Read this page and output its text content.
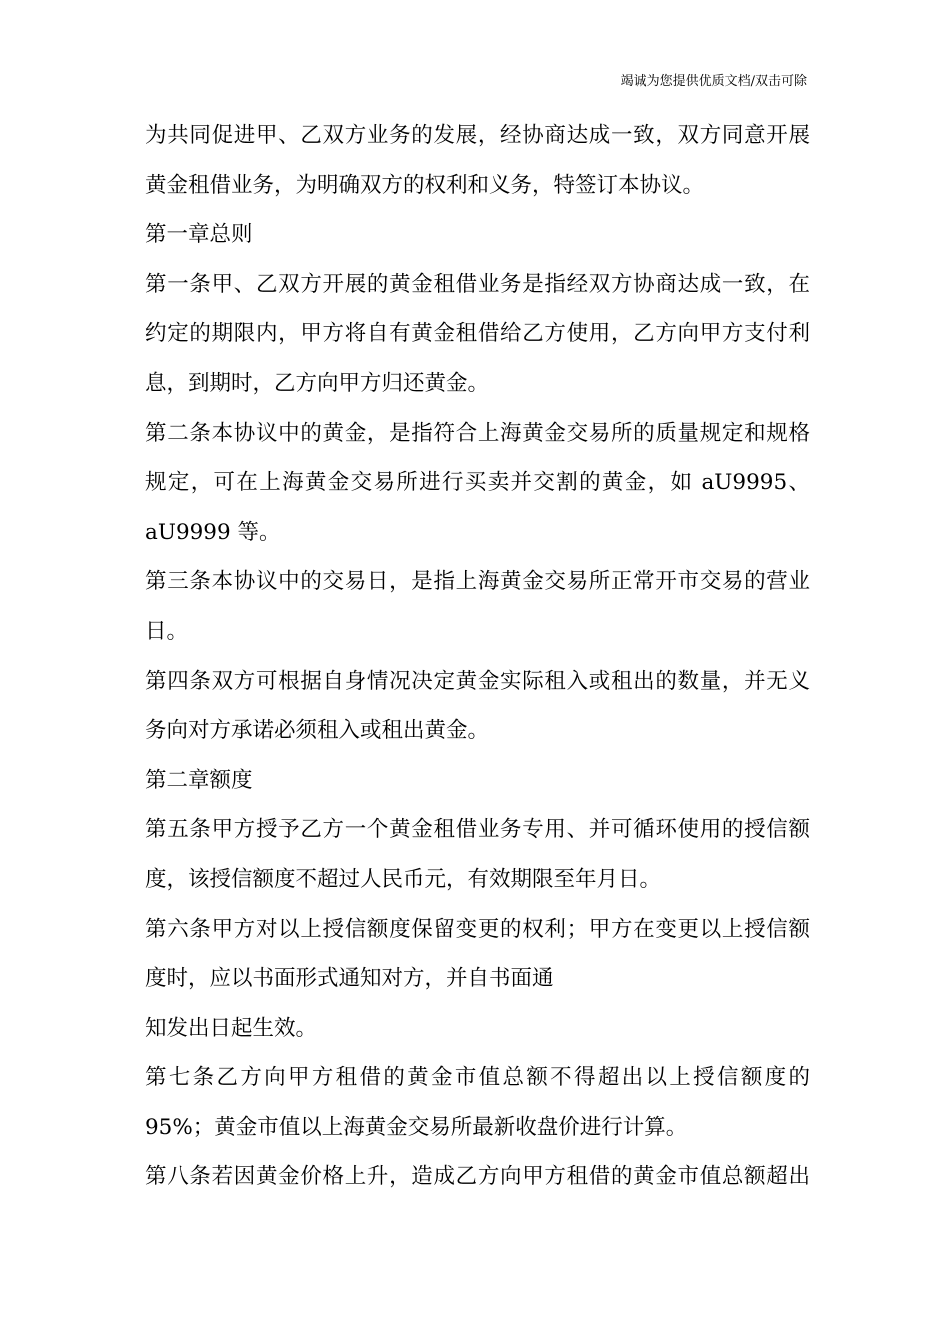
竭诚为您提供优质文档/双击可除
为共同促进甲、乙双方业务的发展，经协商达成一致，双方同意开展
黄金租借业务，为明确双方的权利和义务，特签订本协议。
第一章总则
第一条甲、乙双方开展的黄金租借业务是指经双方协商达成一致，在
约定的期限内，甲方将自有黄金租借给乙方使用，乙方向甲方支付利
息，到期时，乙方向甲方归还黄金。
第二条本协议中的黄金，是指符合上海黄金交易所的质量规定和规格
规定，可在上海黄金交易所进行买卖并交割的黄金，如 aU9995、
aU9999 等。
第三条本协议中的交易日，是指上海黄金交易所正常开市交易的营业
日。
第四条双方可根据自身情况决定黄金实际租入或租出的数量，并无义
务向对方承诺必须租入或租出黄金。
第二章额度
第五条甲方授予乙方一个黄金租借业务专用、并可循环使用的授信额
度，该授信额度不超过人民币元，有效期限至年月日。
第六条甲方对以上授信额度保留变更的权利；甲方在变更以上授信额
度时，应以书面形式通知对方，并自书面通
知发出日起生效。
第七条乙方向甲方租借的黄金市值总额不得超出以上授信额度的
95%；黄金市值以上海黄金交易所最新收盘价进行计算。
第八条若因黄金价格上升，造成乙方向甲方租借的黄金市值总额超出
